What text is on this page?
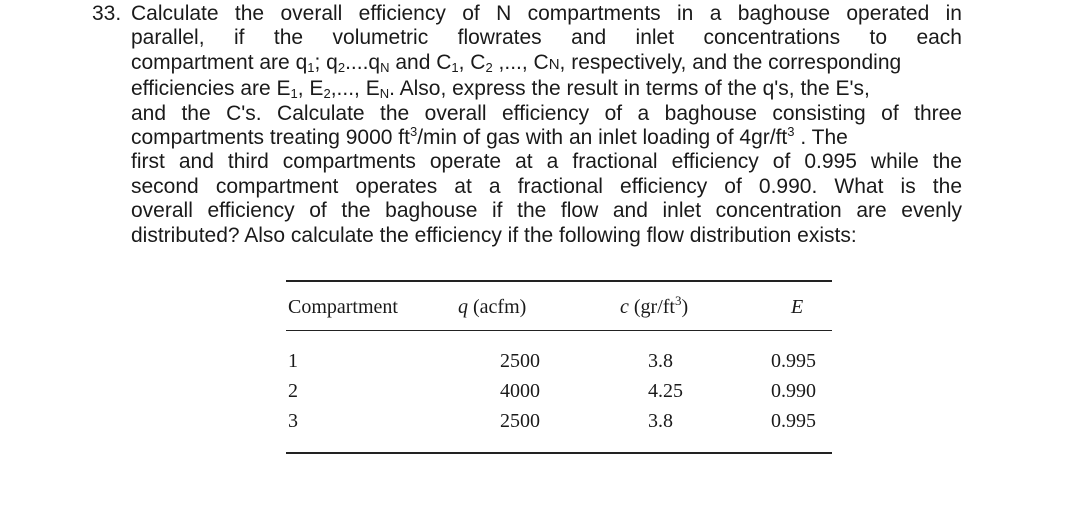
33. Calculate the overall efficiency of N compartments in a baghouse operated in
parallel, if the volumetric flowrates and inlet concentrations to each
compartment are $q_1$; $q_2....q_N$ and $C_1$, $C_2$ ,..., CN, respectively, and the corresponding
efficiencies are $E_1$, $E_2$,..., $E_N$. Also, express the result in terms of the q's, the E's,
and the C's. Calculate the overall efficiency of a baghouse consisting of three
compartments treating 9000 $ft^3/\min$ of gas with an inlet loading of $4gr/ft^3$ . The
first and third compartments operate at a fractional efficiency of 0.995 while the
second compartment operates at a fractional efficiency of 0.990. What is the
overall efficiency of the baghouse if the flow and inlet concentration are evenly
distributed? Also calculate the efficiency if the following flow distribution exists:
Compartment	q (acfm)	c $(gr/ft^3)$	E
1	2500	3.8	0.995
2	4000	4.25	0.990
3	2500	3.8	0.995
